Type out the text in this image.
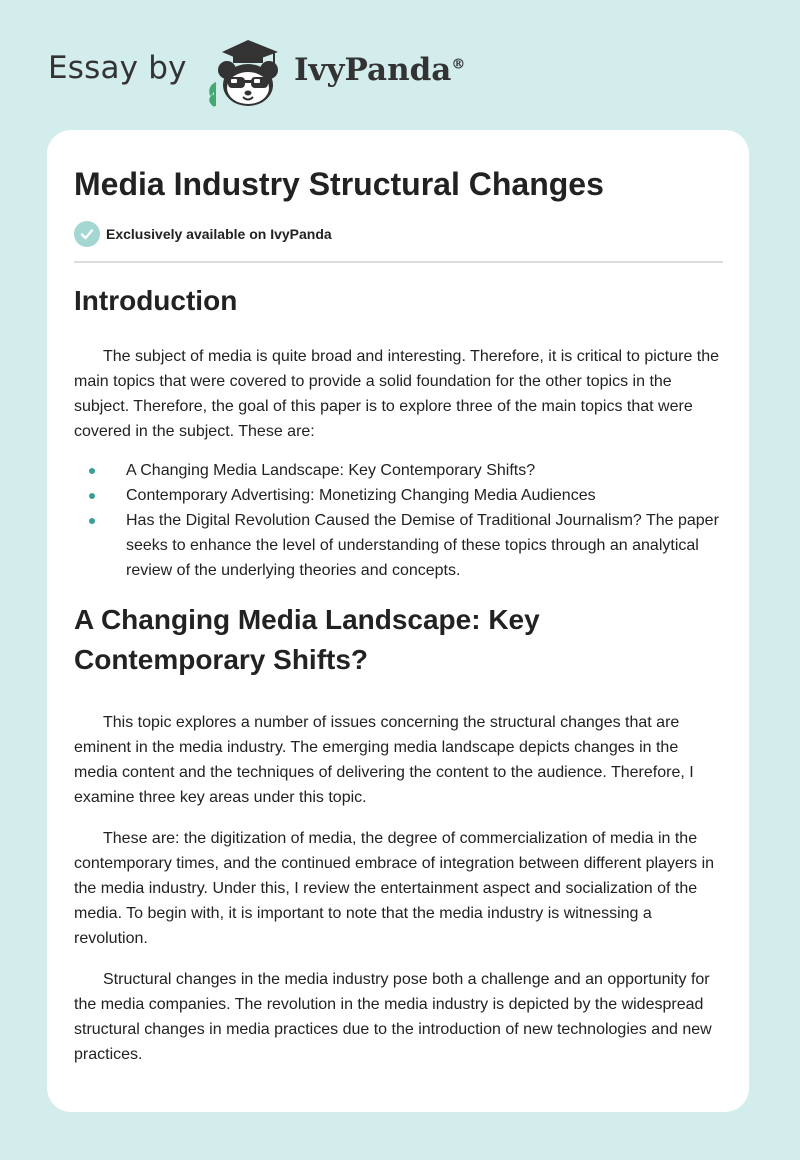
Essay by	IvyPanda®
Media Industry Structural Changes
Exclusively available on IvyPanda
Introduction

The subject of media is quite broad and interesting. Therefore, it is critical to picture the main topics that were covered to provide a solid foundation for the other topics in the subject. Therefore, the goal of this paper is to explore three of the main topics that were covered in the subject. These are:

A Changing Media Landscape: Key Contemporary Shifts?
Contemporary Advertising: Monetizing Changing Media Audiences
Has the Digital Revolution Caused the Demise of Traditional Journalism? The paper seeks to enhance the level of understanding of these topics through an analytical review of the underlying theories and concepts.
A Changing Media Landscape: Key Contemporary Shifts?

This topic explores a number of issues concerning the structural changes that are eminent in the media industry. The emerging media landscape depicts changes in the media content and the techniques of delivering the content to the audience. Therefore, I examine three key areas under this topic.

These are: the digitization of media, the degree of commercialization of media in the contemporary times, and the continued embrace of integration between different players in the media industry. Under this, I review the entertainment aspect and socialization of the media. To begin with, it is important to note that the media industry is witnessing a revolution.

Structural changes in the media industry pose both a challenge and an opportunity for the media companies. The revolution in the media industry is depicted by the widespread structural changes in media practices due to the introduction of new technologies and new practices.
